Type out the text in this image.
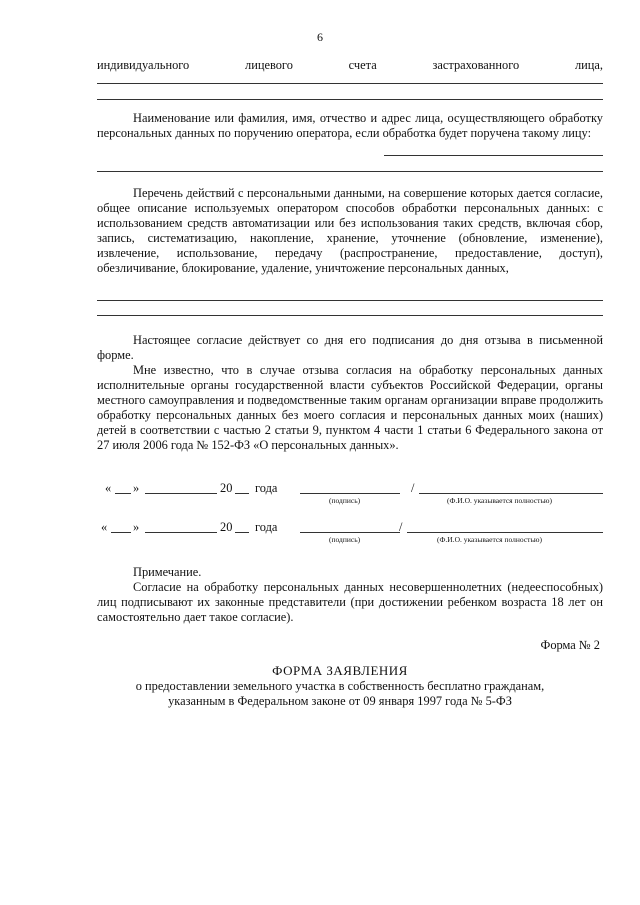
6
индивидуального	лицевого	счета	застрахованного	лица,
Наименование или фамилия, имя, отчество и адрес лица, осуществляющего обработку персональных данных по поручению оператора, если обработка будет поручена такому лицу:
Перечень действий с персональными данными, на совершение которых дается согласие, общее описание используемых оператором способов обработки персональных данных: с использованием средств автоматизации или без использования таких средств, включая сбор, запись, систематизацию, накопление, хранение, уточнение (обновление, изменение), извлечение, использование, передачу (распространение, предоставление, доступ), обезличивание, блокирование, удаление, уничтожение персональных данных,
Настоящее согласие действует со дня его подписания до дня отзыва в письменной форме.
Мне известно, что в случае отзыва согласия на обработку персональных данных исполнительные органы государственной власти субъектов Российской Федерации, органы местного самоуправления и подведомственные таким органам организации вправе продолжить обработку персональных данных без моего согласия и персональных данных моих (наших) детей в соответствии с частью 2 статьи 9, пунктом 4 части 1 статьи 6 Федерального закона от 27 июля 2006 года № 152-ФЗ «О персональных данных».
« »	20 года	/
(подпись)	(Ф.И.О. указывается полностью)
« »	20 года	/
(подпись)	(Ф.И.О. указывается полностью)
Примечание.
Согласие на обработку персональных данных несовершеннолетних (недееспособных) лиц подписывают их законные представители (при достижении ребенком возраста 18 лет он самостоятельно дает такое согласие).
Форма № 2
ФОРМА ЗАЯВЛЕНИЯ
о предоставлении земельного участка в собственность бесплатно гражданам,
указанным в Федеральном законе от 09 января 1997 года № 5-ФЗ
